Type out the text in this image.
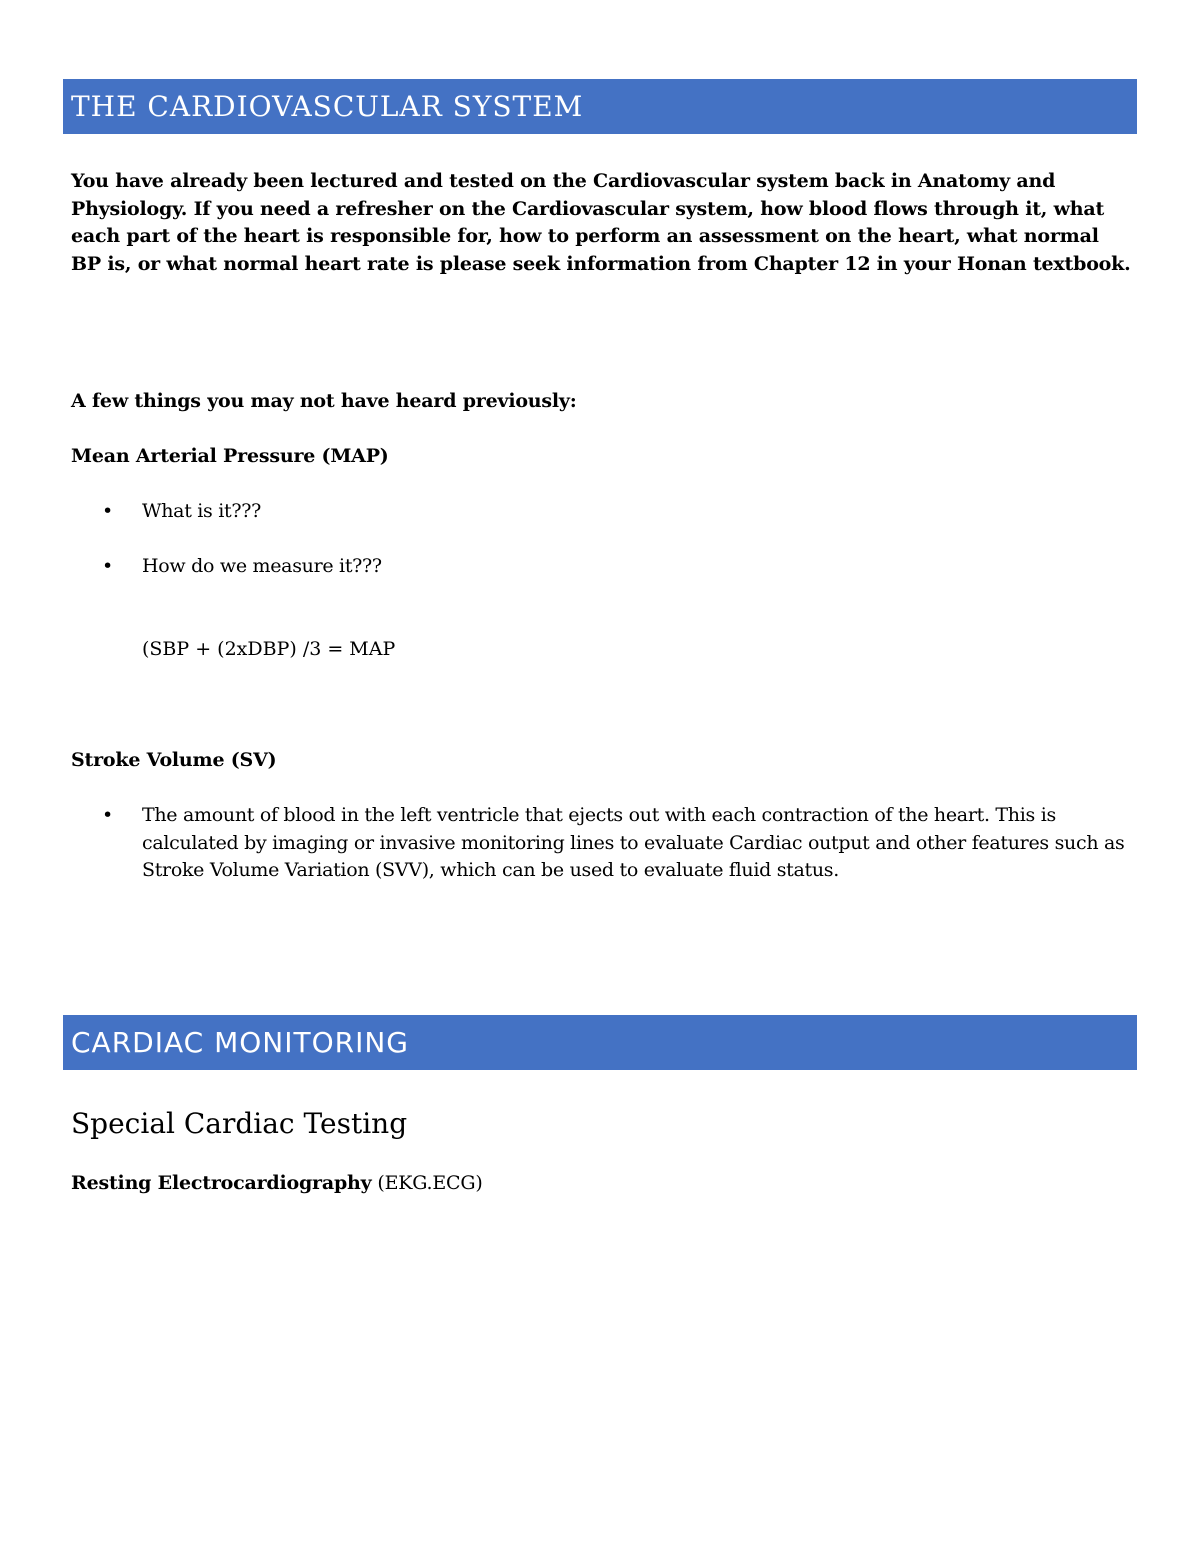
THE CARDIOVASCULAR SYSTEM
You have already been lectured and tested on the Cardiovascular system back in Anatomy and Physiology. If you need a refresher on the Cardiovascular system, how blood flows through it, what each part of the heart is responsible for, how to perform an assessment on the heart, what normal BP is, or what normal heart rate is please seek information from Chapter 12 in your Honan textbook.
A few things you may not have heard previously:
Mean Arterial Pressure (MAP)
•	What is it???
•	How do we measure it???
(SBP + (2xDBP) /3 = MAP
Stroke Volume (SV)
•	The amount of blood in the left ventricle that ejects out with each contraction of the heart. This is calculated by imaging or invasive monitoring lines to evaluate Cardiac output and other features such as Stroke Volume Variation (SVV), which can be used to evaluate fluid status.
CARDIAC MONITORING
Special Cardiac Testing
Resting Electrocardiography (EKG.ECG)
